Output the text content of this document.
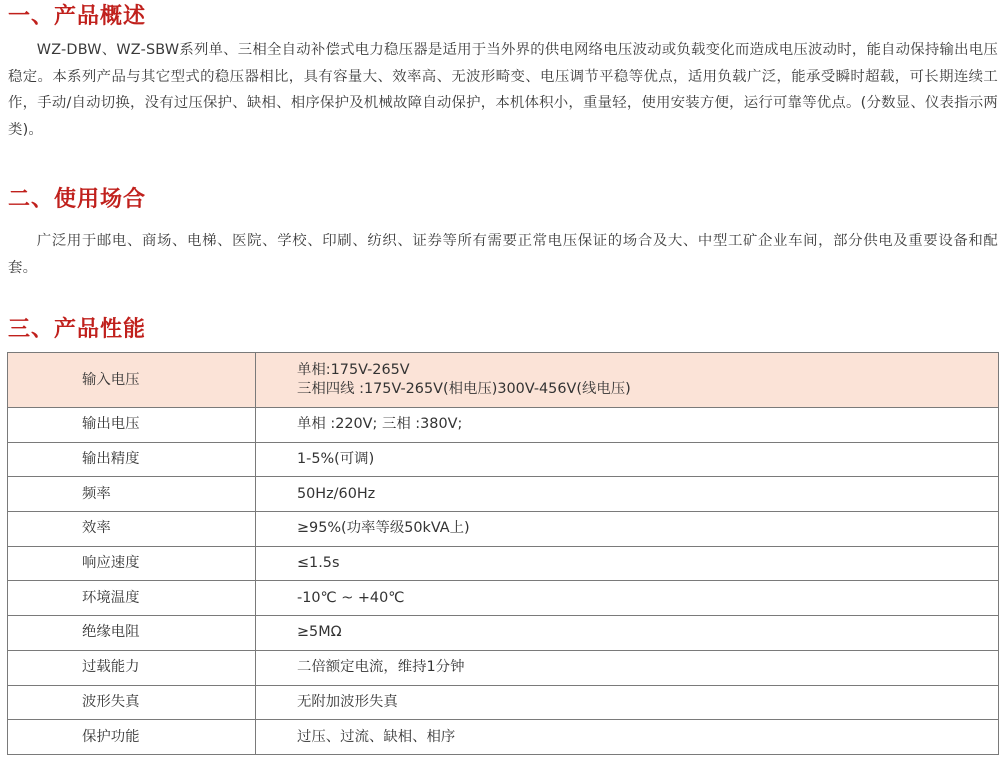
一、产品概述

WZ-DBW、WZ-SBW系列单、三相全自动补偿式电力稳压器是适用于当外界的供电网络电压波动或负载变化而造成电压波动时，能自动保持输出电压稳定。本系列产品与其它型式的稳压器相比，具有容量大、效率高、无波形畸变、电压调节平稳等优点，适用负载广泛，能承受瞬时超载，可长期连续工作，手动/自动切换，没有过压保护、缺相、相序保护及机械故障自动保护，本机体积小，重量轻，使用安装方便，运行可靠等优点。(分数显、仪表指示两类)。

二、使用场合

广泛用于邮电、商场、电梯、医院、学校、印刷、纺织、证券等所有需要正常电压保证的场合及大、中型工矿企业车间，部分供电及重要设备和配套。

三、产品性能
输入电压	单相:175V-265V
三相四线 :175V-265V(相电压)300V-456V(线电压)

输出电压	单相 :220V; 三相 :380V;
输出精度	1-5%(可调)
频率	50Hz/60Hz
效率	≥95%(功率等级50kVA上)
响应速度	≤1.5s
环境温度	-10℃ ~ +40℃
绝缘电阻	≥5MΩ
过载能力	二倍额定电流，维持1分钟
波形失真	无附加波形失真
保护功能	过压、过流、缺相、相序
